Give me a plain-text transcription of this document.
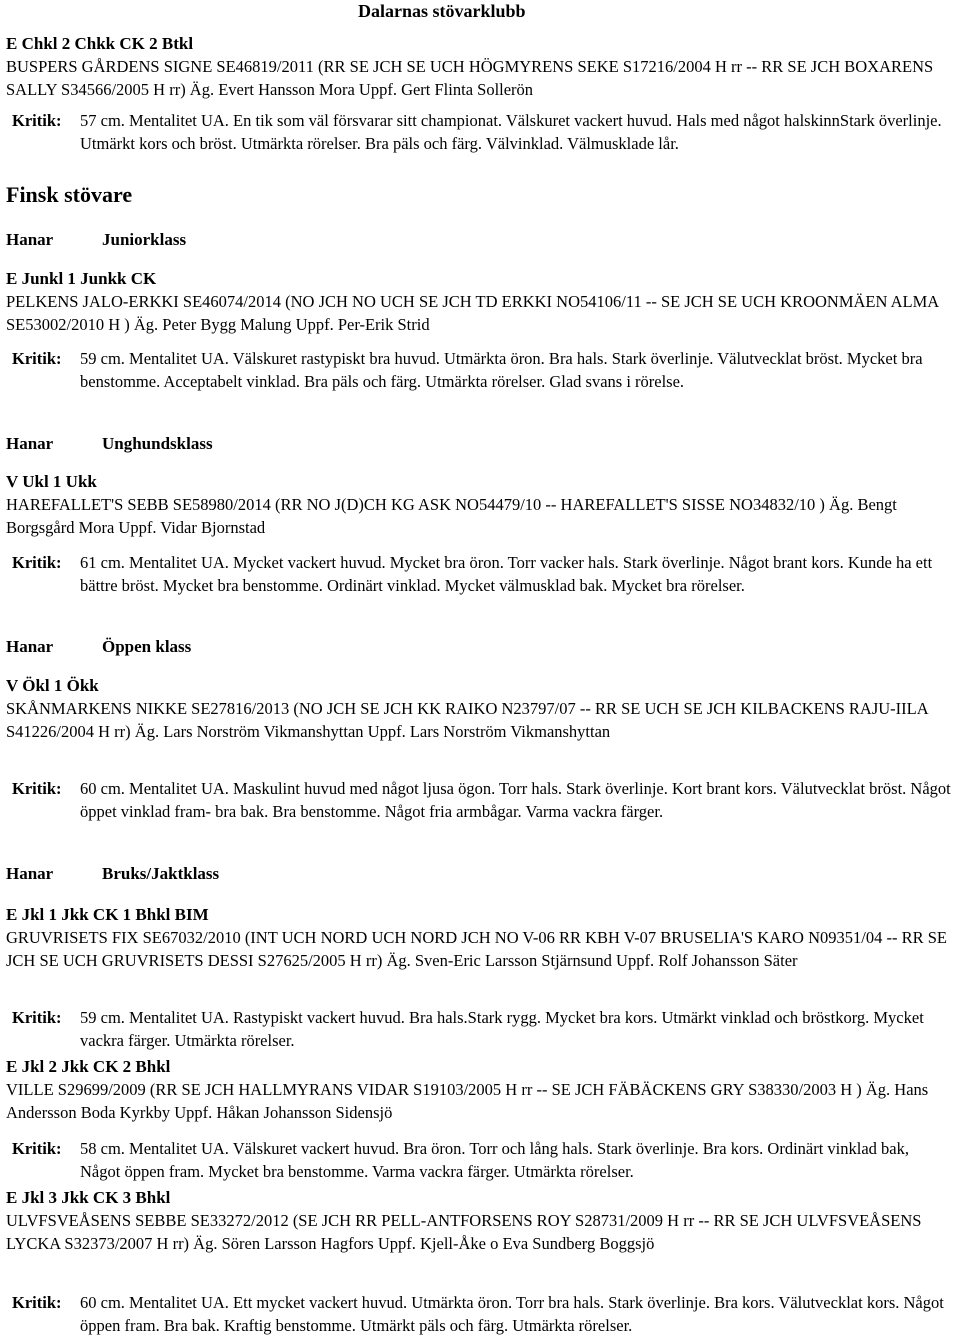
Dalarnas stövarklubb
E Chkl 2 Chkk CK 2 Btkl
BUSPERS GÅRDENS SIGNE SE46819/2011 (RR SE JCH SE UCH HÖGMYRENS SEKE S17216/2004 H rr -- RR SE JCH BOXARENS SALLY S34566/2005 H rr) Äg. Evert Hansson Mora Uppf. Gert Flinta Sollerön
Kritik: 57 cm. Mentalitet UA. En tik som väl försvarar sitt championat. Välskuret vackert huvud. Hals med något halskinnStark överlinje. Utmärkt kors och bröst. Utmärkta rörelser. Bra päls och färg. Välvinklad. Välmusklade lår.
Finsk stövare
Hanar	Juniorklass
E Junkl 1 Junkk CK
PELKENS JALO-ERKKI SE46074/2014 (NO JCH NO UCH SE JCH TD ERKKI NO54106/11 -- SE JCH SE UCH KROONMÄEN ALMA SE53002/2010 H ) Äg. Peter Bygg Malung Uppf. Per-Erik Strid
Kritik: 59 cm. Mentalitet UA. Välskuret rastypiskt bra huvud. Utmärkta öron. Bra hals. Stark överlinje. Välutvecklat bröst. Mycket bra benstomme. Acceptabelt vinklad. Bra päls och färg. Utmärkta rörelser. Glad svans i rörelse.
Hanar	Unghundsklass
V Ukl 1 Ukk
HAREFALLET'S SEBB SE58980/2014 (RR NO J(D)CH KG ASK NO54479/10 -- HAREFALLET'S SISSE NO34832/10 ) Äg. Bengt Borgsgård Mora Uppf. Vidar Bjornstad
Kritik: 61 cm. Mentalitet UA. Mycket vackert huvud. Mycket bra öron. Torr vacker hals. Stark överlinje. Något brant kors. Kunde ha ett bättre bröst. Mycket bra benstomme. Ordinärt vinklad. Mycket välmusklad bak. Mycket bra rörelser.
Hanar	Öppen klass
V Ökl 1 Ökk
SKÅNMARKENS NIKKE SE27816/2013 (NO JCH SE JCH KK RAIKO N23797/07 -- RR SE UCH SE JCH KILBACKENS RAJU-IILA S41226/2004 H rr) Äg. Lars Norström Vikmanshyttan Uppf. Lars Norström Vikmanshyttan
Kritik: 60 cm. Mentalitet UA. Maskulint huvud med något ljusa ögon. Torr hals. Stark överlinje. Kort brant kors. Välutvecklat bröst. Något öppet vinklad fram- bra bak. Bra benstomme. Något fria armbågar. Varma vackra färger.
Hanar	Bruks/Jaktklass
E Jkl 1 Jkk CK 1 Bhkl BIM
GRUVRISETS FIX SE67032/2010 (INT UCH NORD UCH NORD JCH NO V-06 RR KBH V-07 BRUSELIA'S KARO N09351/04 -- RR SE JCH SE UCH GRUVRISETS DESSI S27625/2005 H rr) Äg. Sven-Eric Larsson Stjärnsund Uppf. Rolf Johansson Säter
Kritik: 59 cm. Mentalitet UA. Rastypiskt vackert huvud. Bra hals.Stark rygg. Mycket bra kors. Utmärkt vinklad och bröstkorg. Mycket vackra färger. Utmärkta rörelser.
E Jkl 2 Jkk CK 2 Bhkl
VILLE S29699/2009 (RR SE JCH HALLMYRANS VIDAR S19103/2005 H rr -- SE JCH FÄBÄCKENS GRY S38330/2003 H ) Äg. Hans Andersson Boda Kyrkby Uppf. Håkan Johansson Sidensjö
Kritik: 58 cm. Mentalitet UA. Välskuret vackert huvud. Bra öron. Torr och lång hals. Stark överlinje. Bra kors. Ordinärt vinklad bak, Något öppen fram. Mycket bra benstomme. Varma vackra färger. Utmärkta rörelser.
E Jkl 3 Jkk CK 3 Bhkl
ULVFSVEÅSENS SEBBE SE33272/2012 (SE JCH RR PELL-ANTFORSENS ROY S28731/2009 H rr -- RR SE JCH ULVFSVEÅSENS LYCKA S32373/2007 H rr) Äg. Sören Larsson Hagfors Uppf. Kjell-Åke o Eva Sundberg Boggsjö
Kritik: 60 cm. Mentalitet UA. Ett mycket vackert huvud. Utmärkta öron. Torr bra hals. Stark överlinje. Bra kors. Välutvecklat kors. Något öppen fram. Bra bak. Kraftig benstomme. Utmärkt päls och färg. Utmärkta rörelser.
